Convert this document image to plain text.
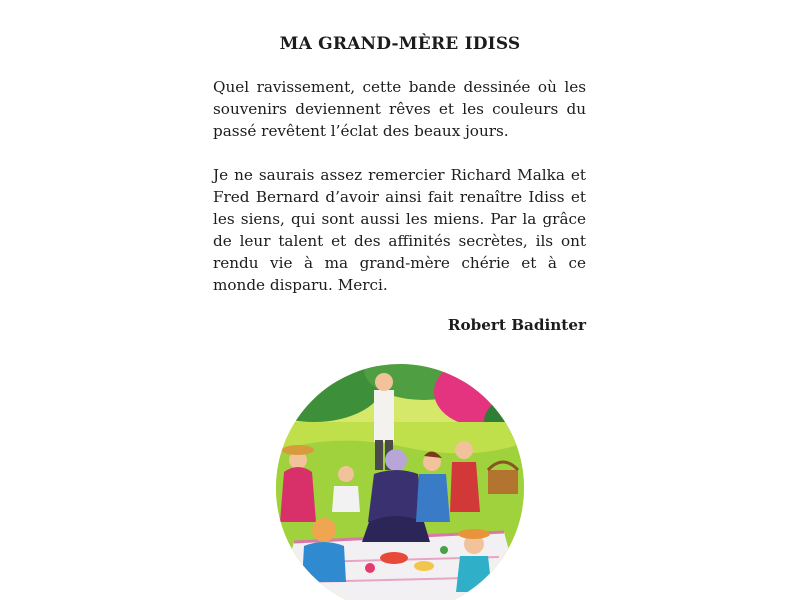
MA GRAND-MÈRE IDISS

Quel ravissement, cette bande dessinée où les souvenirs deviennent rêves et les couleurs du passé revêtent l’éclat des beaux jours.

Je ne saurais assez remercier Richard Malka et Fred Bernard d’avoir ainsi fait renaître Idiss et les siens, qui sont aussi les miens. Par la grâce de leur talent et des affinités secrètes, ils ont rendu vie à ma grand-mère chérie et à ce monde disparu. Merci.

Robert Badinter
